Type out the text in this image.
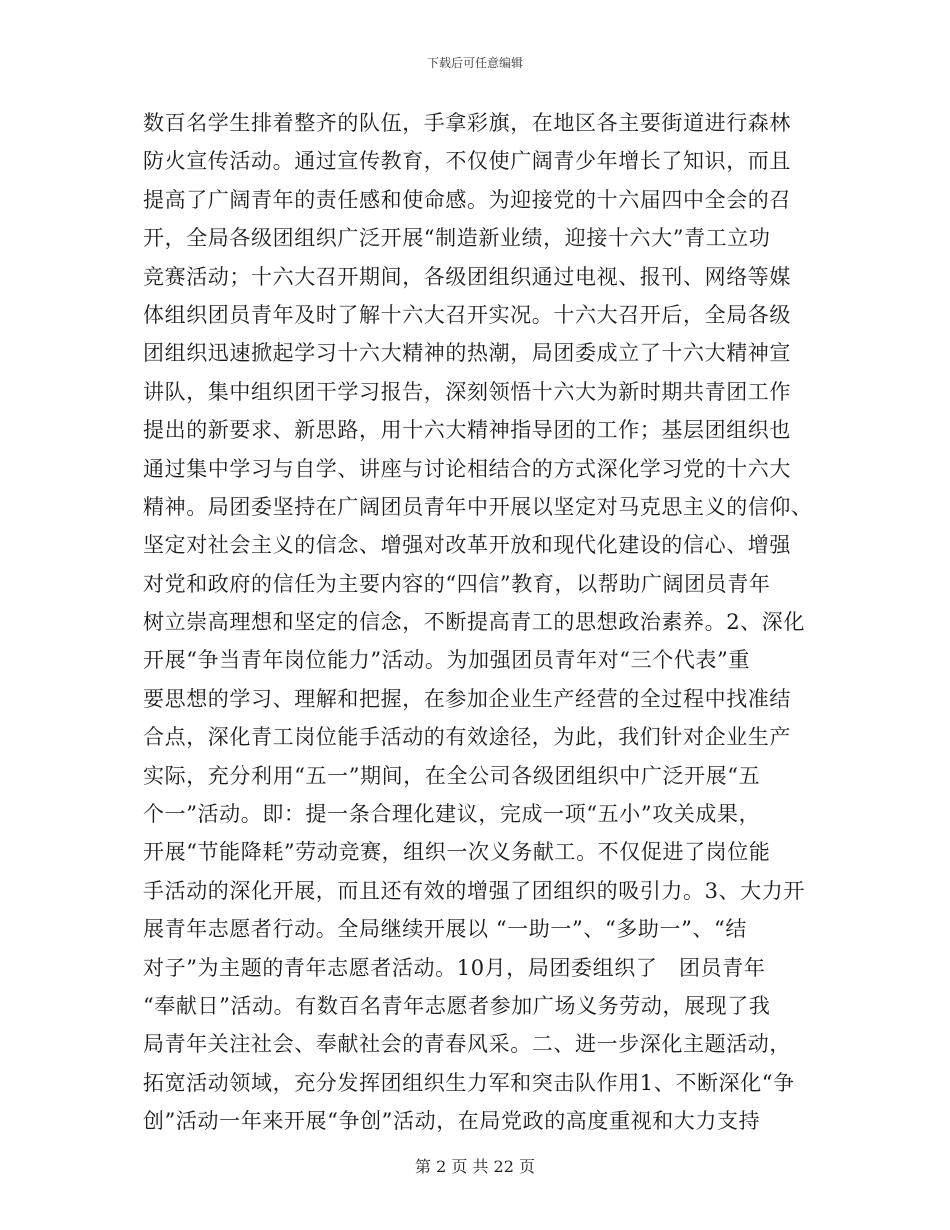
下载后可任意编辑
数百名学生排着整齐的队伍，手拿彩旗，在地区各主要街道进行森林
防火宣传活动。通过宣传教育，不仅使广阔青少年增长了知识，而且
提高了广阔青年的责任感和使命感。为迎接党的十六届四中全会的召
开，全局各级团组织广泛开展“制造新业绩，迎接十六大”青工立功
竞赛活动；十六大召开期间，各级团组织通过电视、报刊、网络等媒
体组织团员青年及时了解十六大召开实况。十六大召开后，全局各级
团组织迅速掀起学习十六大精神的热潮，局团委成立了十六大精神宣
讲队，集中组织团干学习报告，深刻领悟十六大为新时期共青团工作
提出的新要求、新思路，用十六大精神指导团的工作；基层团组织也
通过集中学习与自学、讲座与讨论相结合的方式深化学习党的十六大
精神。局团委坚持在广阔团员青年中开展以坚定对马克思主义的信仰、
坚定对社会主义的信念、增强对改革开放和现代化建设的信心、增强
对党和政府的信任为主要内容的“四信”教育，以帮助广阔团员青年
树立崇高理想和坚定的信念，不断提高青工的思想政治素养。2、深化
开展“争当青年岗位能力”活动。为加强团员青年对“三个代表”重
要思想的学习、理解和把握，在参加企业生产经营的全过程中找准结
合点，深化青工岗位能手活动的有效途径，为此，我们针对企业生产
实际，充分利用“五一”期间，在全公司各级团组织中广泛开展“五
个一”活动。即：提一条合理化建议，完成一项“五小”攻关成果，
开展“节能降耗”劳动竞赛，组织一次义务献工。不仅促进了岗位能
手活动的深化开展，而且还有效的增强了团组织的吸引力。3、大力开
展青年志愿者行动。全局继续开展以 “一助一”、“多助一”、“结
对子”为主题的青年志愿者活动。10月，局团委组织了　团员青年
“奉献日”活动。有数百名青年志愿者参加广场义务劳动，展现了我
局青年关注社会、奉献社会的青春风采。二、进一步深化主题活动，
拓宽活动领域，充分发挥团组织生力军和突击队作用1、不断深化“争
创”活动一年来开展“争创”活动，在局党政的高度重视和大力支持
第 2 页 共 22 页
